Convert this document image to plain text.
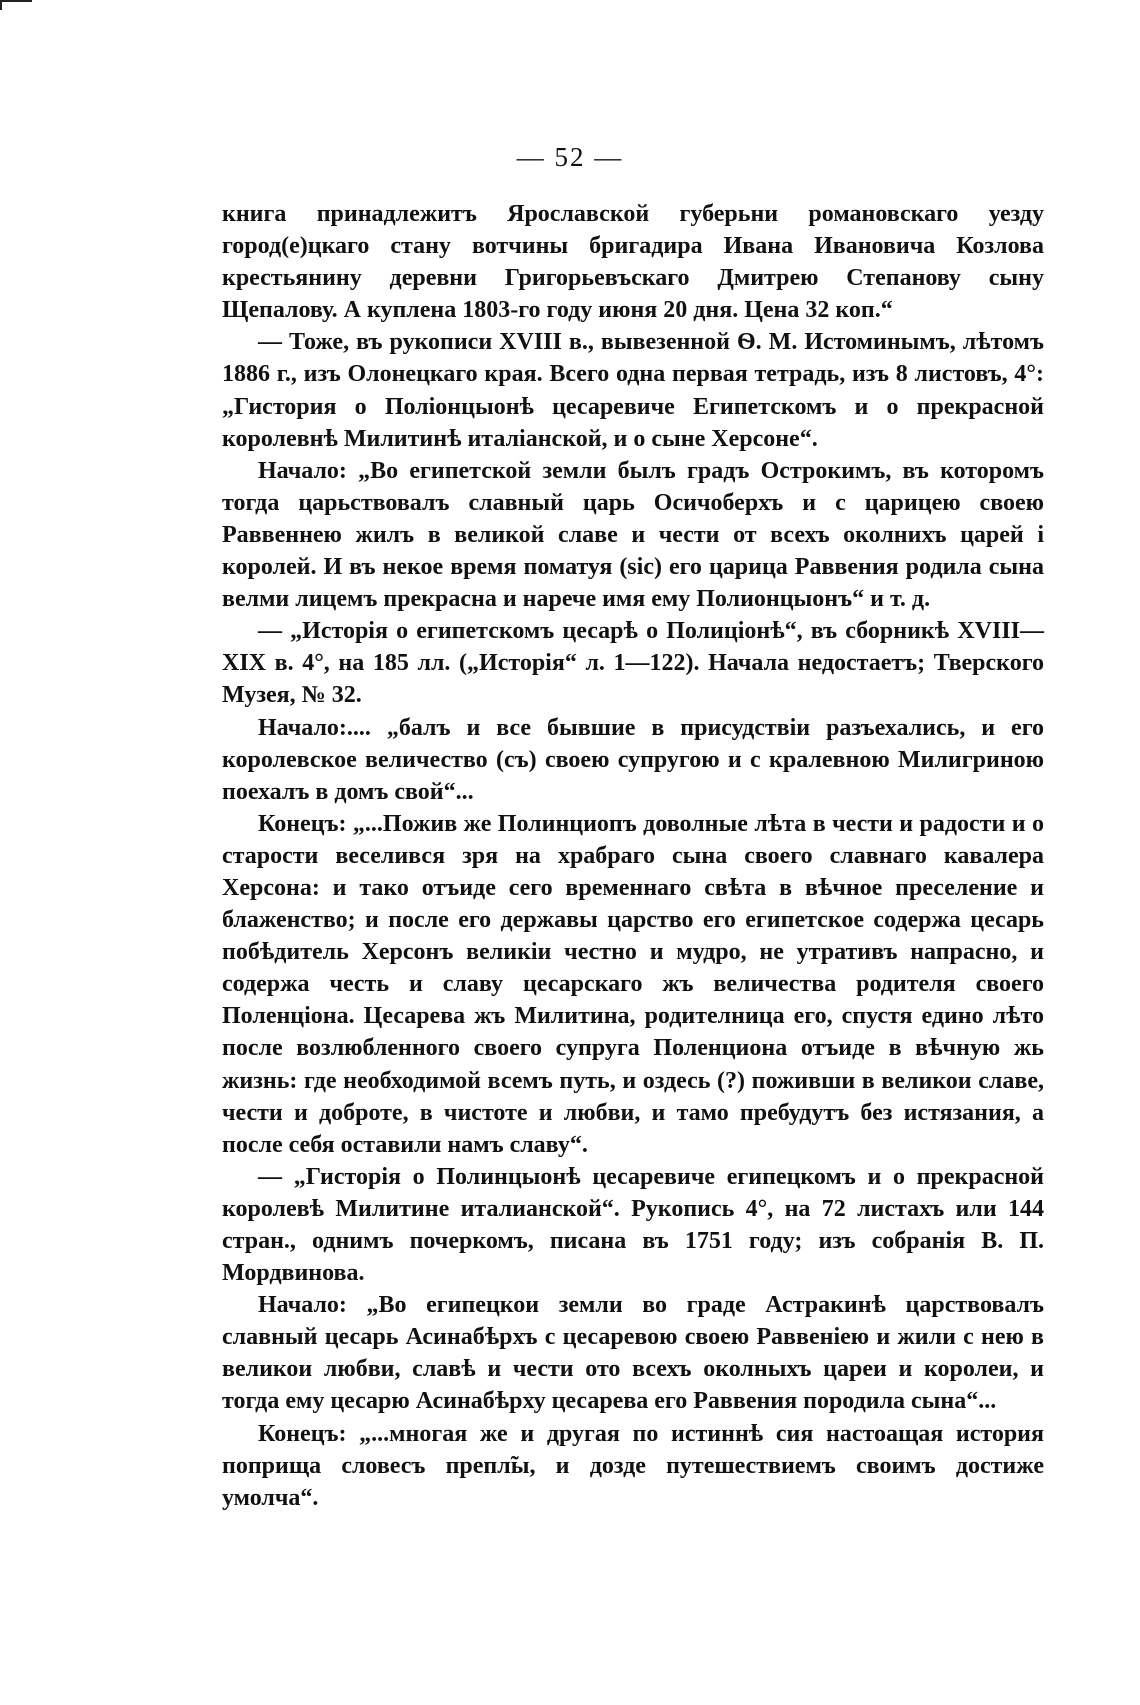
— 52 —

книга принадлежитъ Ярославской губерьни романовскаго уезду город(е)цкаго стану вотчины бригадира Ивана Ивановича Козлова крестьянину деревни Григорьевъскаго Дмитрею Степанову сыну Щепалову. А куплена 1803-го году июня 20 дня. Цена 32 коп.“

— Тоже, въ рукописи XVIII в., вывезенной Ѳ. М. Истоминымъ, лѣтомъ 1886 г., изъ Олонецкаго края. Всего одна первая тетрадь, изъ 8 листовъ, 4°: „Гистория о Поліонцыонѣ цесаревиче Египетскомъ и о прекрасной королевнѣ Милитинѣ италіанской, и о сыне Херсоне“.

Начало: „Во египетской земли былъ градъ Острокимъ, въ которомъ тогда царьствовалъ славный царь Осичоберхъ и с царицею своею Раввеннею жилъ в великой славе и чести от всехъ околнихъ царей і королей. И въ некое время поматуя (sic) его царица Раввения родила сына велми лицемъ прекрасна и нарече имя ему Полионцыонъ“ и т. д.

— „Исторія о египетскомъ цесарѣ о Полиціонѣ“, въ сборникѣ XVIII—XIX в. 4°, на 185 лл. („Исторія“ л. 1—122). Начала недостаетъ; Тверского Музея, № 32.

Начало:.... „балъ и все бывшие в присудствіи разъехались, и его королевское величество (съ) своею супругою и с кралевною Милигриною поехалъ в домъ свой“...

Конецъ: „...Пожив же Полинциопъ доволные лѣта в чести и радости и о старости веселився зря на храбраго сына своего славнаго кавалера Херсона: и тако отъиде сего временнаго свѣта в вѣчное преселение и блаженство; и после его державы царство его египетское содержа цесарь побѣдитель Херсонъ великіи честно и мудро, не утративъ напрасно, и содержа честь и славу цесарскаго жъ величества родителя своего Поленціона. Цесарева жъ Милитина, родителница его, спустя едино лѣто после возлюбленного своего супруга Поленциона отъиде в вѣчную жь жизнь: где необходимой всемъ путь, и оздесь (?) поживши в великои славе, чести и доброте, в чистоте и любви, и тамо пребудутъ без истязания, а после себя оставили намъ славу“.

— „Гисторія о Полинцыонѣ цесаревиче египецкомъ и о прекрасной королевѣ Милитине италианской“. Рукопись 4°, на 72 листахъ или 144 стран., однимъ почеркомъ, писана въ 1751 году; изъ собранія В. П. Мордвинова.

Начало: „Во египецкои земли во граде Астракинѣ царствовалъ славный цесарь Асинабѣрхъ с цесаревою своею Раввеніею и жили с нею в великои любви, славѣ и чести ото всехъ околныхъ цареи и королеи, и тогда ему цесарю Асинабѣрху цесарева его Раввения породила сына“...

Конецъ: „...многая же и другая по истиннѣ сия настоащая история поприща словесъ препл̃ы, и дозде путешествиемъ своимъ достиже умолча“.
